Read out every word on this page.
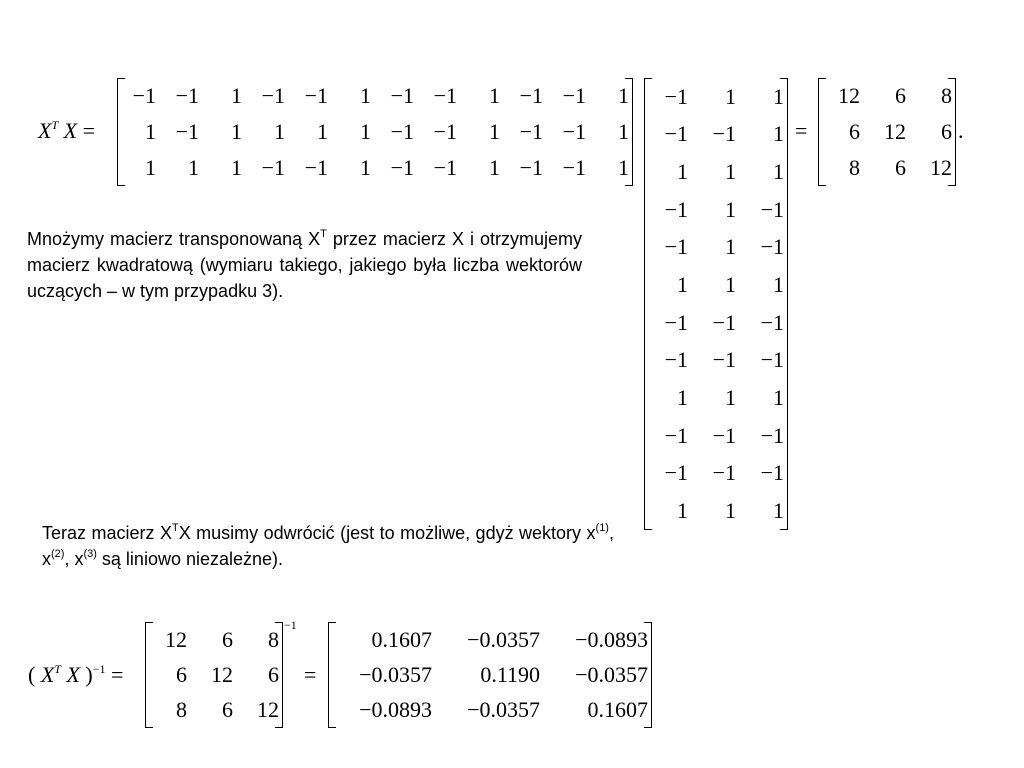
$X^T$ X =
−1	−1	1	−1	−1	1	−1	−1	1	−1	−1	1
1	−1	1	1	1	1	−1	−1	1	−1	−1	1
1	1	1	−1	−1	1	−1	−1	1	−1	−1	1
−1	1	1
−1	−1	1
1	1	1
−1	1	−1
−1	1	−1
1	1	1
−1	−1	−1
−1	−1	−1
1	1	1
−1	−1	−1
−1	−1	−1
1	1	1
=
12	6	8
6	12	6
8	6	12
.
Mnożymy macierz transponowaną $X^T$ przez macierz X i otrzymujemy macierz kwadratową (wymiaru takiego, jakiego była liczba wektorów uczących – w tym przypadku 3).
Teraz macierz $X^TX$ musimy odwrócić (jest to możliwe, gdyż wektory $x^{(1)}$, $x^{(2)}$, $x^{(3)}$ są liniowo niezależne).
( $X^T$ X )$^{-1}$ =
12	6	8
6	12	6
8	6	12
−1
=
0.1607	−0.0357	−0.0893
−0.0357	0.1190	−0.0357
−0.0893	−0.0357	0.1607
